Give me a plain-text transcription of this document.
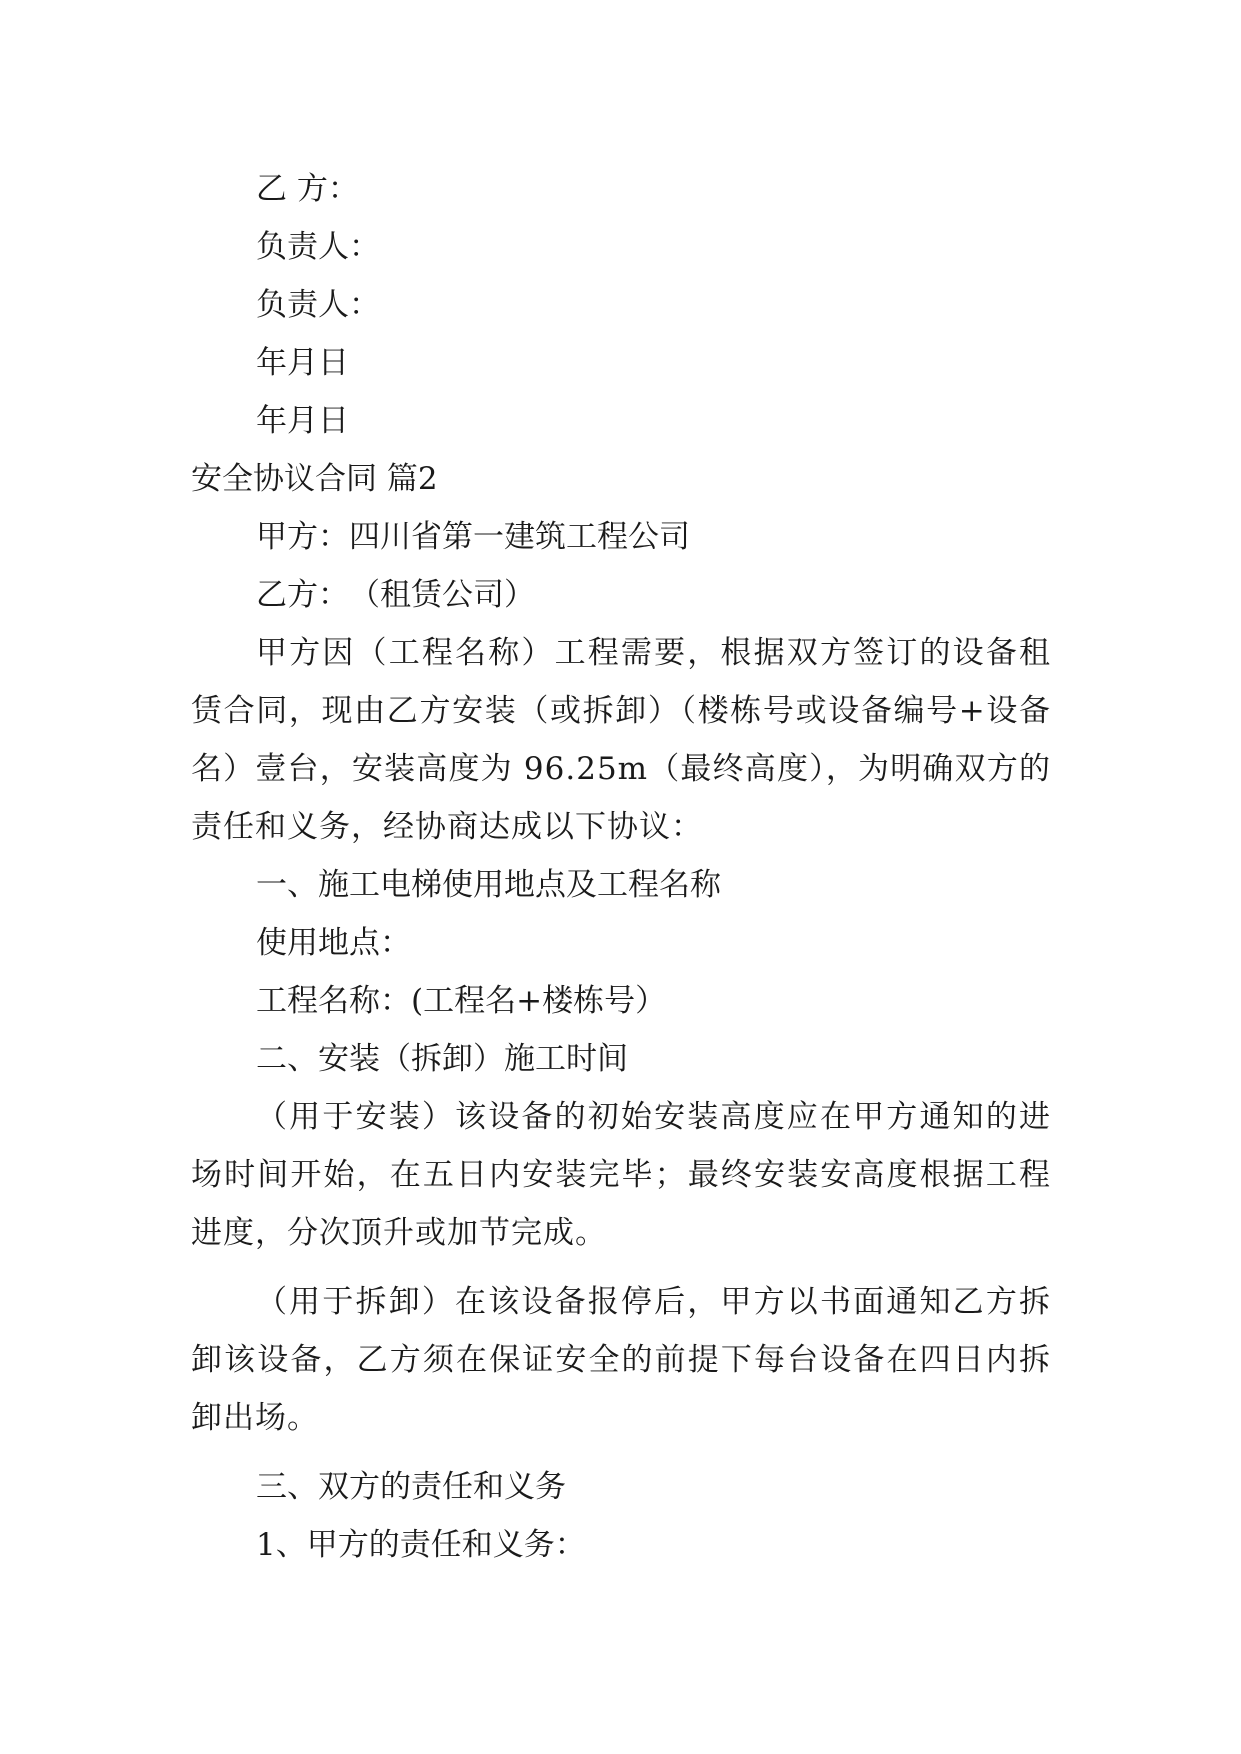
乙 方：
负责人：
负责人：
年月日
年月日
安全协议合同 篇2
甲方：四川省第一建筑工程公司
乙方：　（租赁公司）
甲方因（工程名称）工程需要，根据双方签订的设备租赁合同，现由乙方安装（或拆卸）（楼栋号或设备编号+设备名）壹台，安装高度为 96.25m（最终高度），为明确双方的责任和义务，经协商达成以下协议：
一、施工电梯使用地点及工程名称
使用地点：
工程名称：(工程名+楼栋号）
二、安装（拆卸）施工时间
（用于安装）该设备的初始安装高度应在甲方通知的进场时间开始，在五日内安装完毕；最终安装安高度根据工程进度，分次顶升或加节完成。
（用于拆卸）在该设备报停后，甲方以书面通知乙方拆卸该设备，乙方须在保证安全的前提下每台设备在四日内拆卸出场。
三、双方的责任和义务
1、甲方的责任和义务：
